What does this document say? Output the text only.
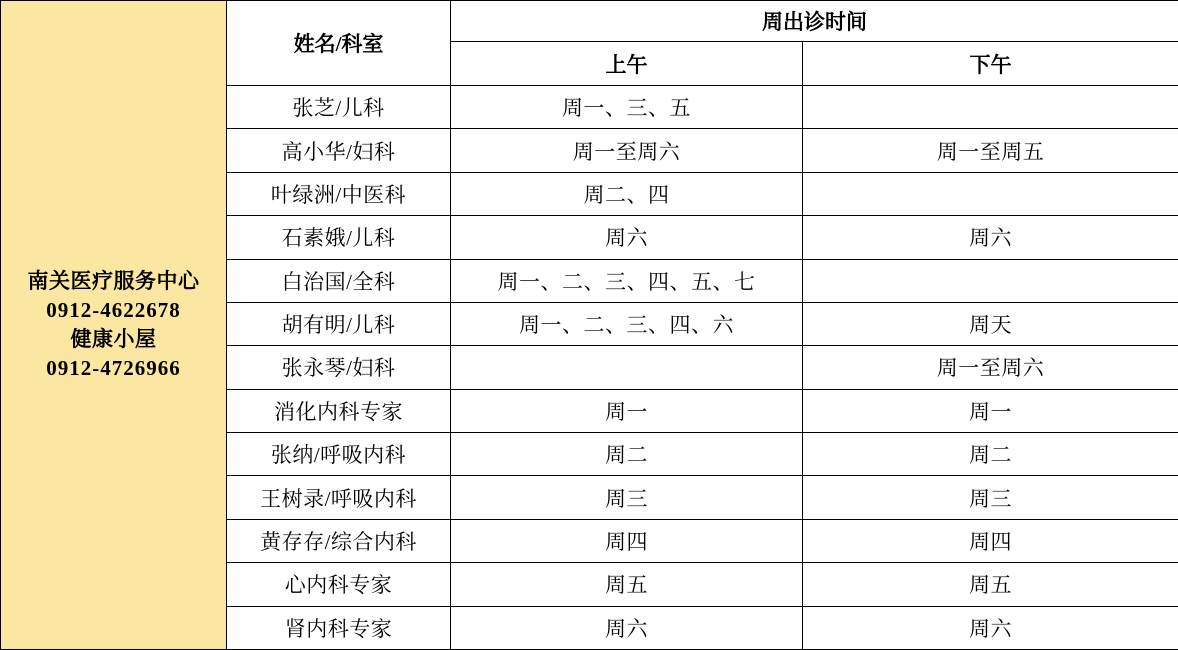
南关医疗服务中心
0912-4622678
健康小屋
0912-4726966
姓名/科室	周出诊时间	
	上午	下午
张芝/儿科	周一、三、五	
高小华/妇科	周一至周六	周一至周五
叶绿洲/中医科	周二、四	
石素娥/儿科	周六	周六
白治国/全科	周一、二、三、四、五、七	
胡有明/儿科	周一、二、三、四、六	周天
张永琴/妇科		周一至周六
消化内科专家	周一	周一
张纳/呼吸内科	周二	周二
王树录/呼吸内科	周三	周三
黄存存/综合内科	周四	周四
心内科专家	周五	周五
肾内科专家	周六	周六
